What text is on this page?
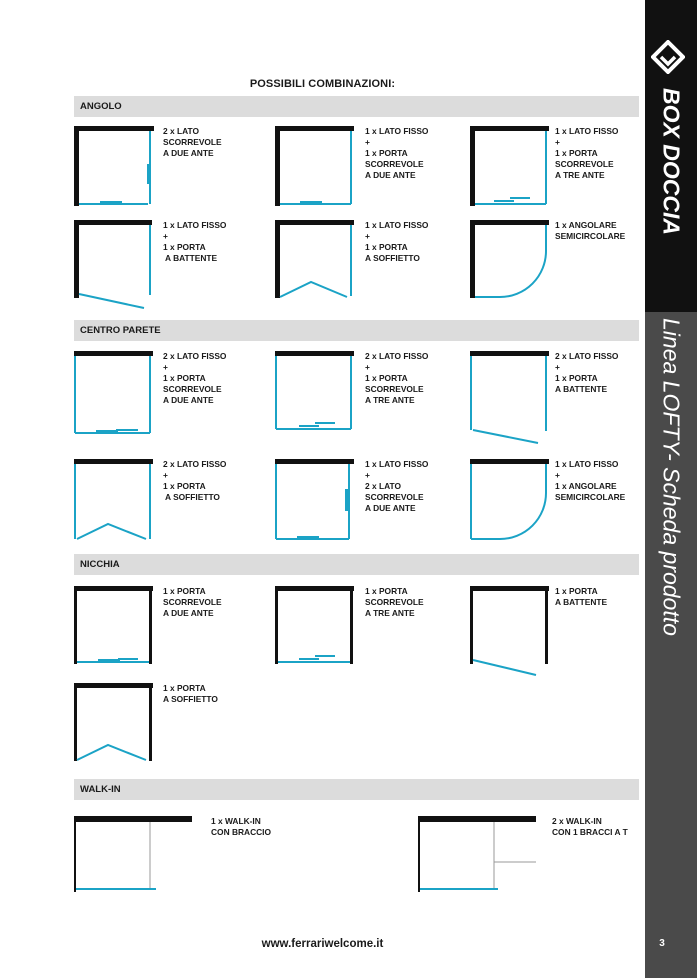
POSSIBILI COMBINAZIONI:
ANGOLO
CENTRO PARETE
NICCHIA
WALK-IN
2 x LATO
SCORREVOLE
A DUE ANTE
1 x LATO FISSO
+
1 x PORTA
SCORREVOLE
A DUE ANTE
1 x LATO FISSO
+
1 x PORTA
SCORREVOLE
A TRE ANTE
1 x LATO FISSO
+
1 x PORTA
A BATTENTE
1 x LATO FISSO
+
1 x PORTA
A SOFFIETTO
1 x ANGOLARE
SEMICIRCOLARE
2 x LATO FISSO
+
1 x PORTA
SCORREVOLE
A DUE ANTE
2 x LATO FISSO
+
1 x PORTA
SCORREVOLE
A TRE ANTE
2 x LATO FISSO
+
1 x PORTA
A BATTENTE
2 x LATO FISSO
+
1 x PORTA
A SOFFIETTO
1 x LATO FISSO
+
2 x LATO
SCORREVOLE
A DUE ANTE
1 x LATO FISSO
+
1 x ANGOLARE
SEMICIRCOLARE
1 x PORTA
SCORREVOLE
A DUE ANTE
1 x PORTA
SCORREVOLE
A TRE ANTE
1 x PORTA
A BATTENTE
1 x PORTA
A SOFFIETTO
1 x WALK-IN
CON BRACCIO
2 x WALK-IN
CON 1 BRACCI A T
www.ferrariwelcome.it
BOX DOCCIA
Linea LOFTY- Scheda prodotto
3
